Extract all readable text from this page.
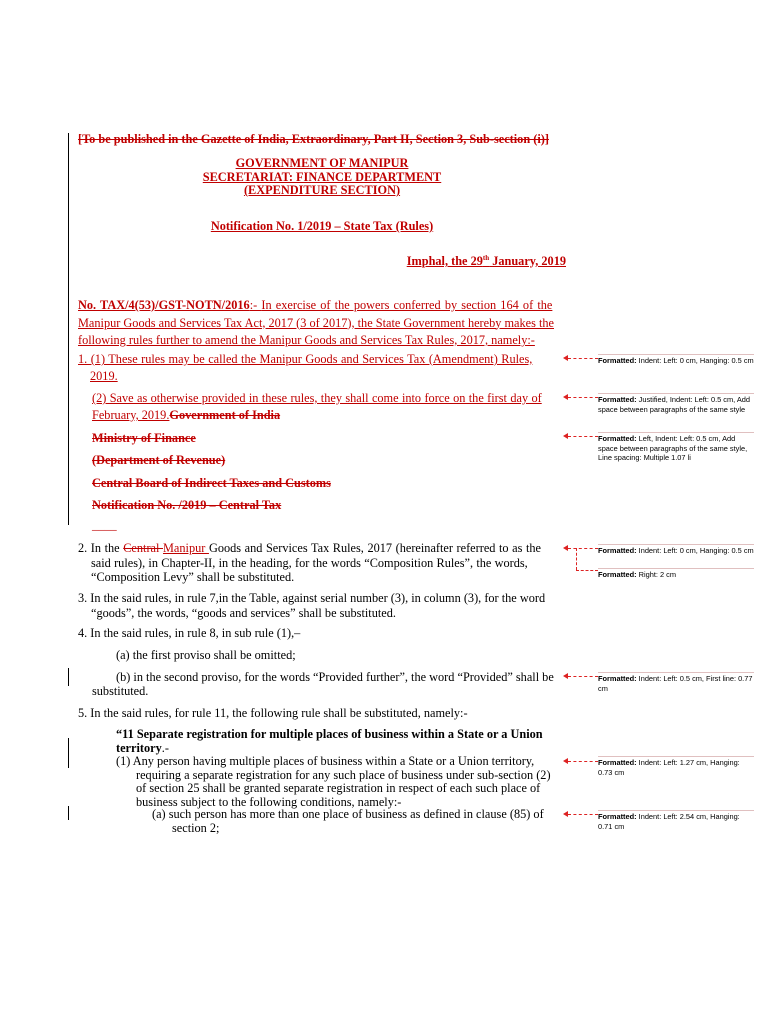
[To be published in the Gazette of India, Extraordinary, Part II, Section 3, Sub-section (i)]
GOVERNMENT OF MANIPUR
SECRETARIAT: FINANCE DEPARTMENT
(EXPENDITURE SECTION)
Notification No. 1/2019 – State Tax (Rules)
Imphal, the 29th January, 2019
No. TAX/4(53)/GST-NOTN/2016:- In exercise of the powers conferred by section 164 of the
Manipur Goods and Services Tax Act, 2017 (3 of 2017), the State Government hereby makes the
following rules further to amend the Manipur Goods and Services Tax Rules, 2017, namely:-
1. (1) These rules may be called the Manipur Goods and Services Tax (Amendment) Rules,
2019.
(2) Save as otherwise provided in these rules, they shall come into force on the first day of
February, 2019.Government of India
Ministry of Finance
(Department of Revenue)
Central Board of Indirect Taxes and Customs
Notification No. /2019 – Central Tax
____
2. In the Central Manipur Goods and Services Tax Rules, 2017 (hereinafter referred to as the
said rules), in Chapter-II, in the heading, for the words “Composition Rules”, the words,
“Composition Levy” shall be substituted.
3. In the said rules, in rule 7,in the Table, against serial number (3), in column (3), for the word
“goods”, the words, “goods and services” shall be substituted.
4. In the said rules, in rule 8, in sub rule (1),–
(a) the first proviso shall be omitted;
(b) in the second proviso, for the words “Provided further”, the word “Provided” shall be
substituted.
5. In the said rules, for rule 11, the following rule shall be substituted, namely:-
“11 Separate registration for multiple places of business within a State or a Union
territory.-
(1) Any person having multiple places of business within a State or a Union territory,
requiring a separate registration for any such place of business under sub-section (2)
of section 25 shall be granted separate registration in respect of each such place of
business subject to the following conditions, namely:-
(a) such person has more than one place of business as defined in clause (85) of
section 2;
Formatted: Indent: Left: 0 cm, Hanging: 0.5 cm
Formatted: Justified, Indent: Left: 0.5 cm, Add space between paragraphs of the same style
Formatted: Left, Indent: Left: 0.5 cm, Add space between paragraphs of the same style, Line spacing: Multiple 1.07 li
Formatted: Indent: Left: 0 cm, Hanging: 0.5 cm
Formatted: Right: 2 cm
Formatted: Indent: Left: 0.5 cm, First line: 0.77 cm
Formatted: Indent: Left: 1.27 cm, Hanging: 0.73 cm
Formatted: Indent: Left: 2.54 cm, Hanging: 0.71 cm
